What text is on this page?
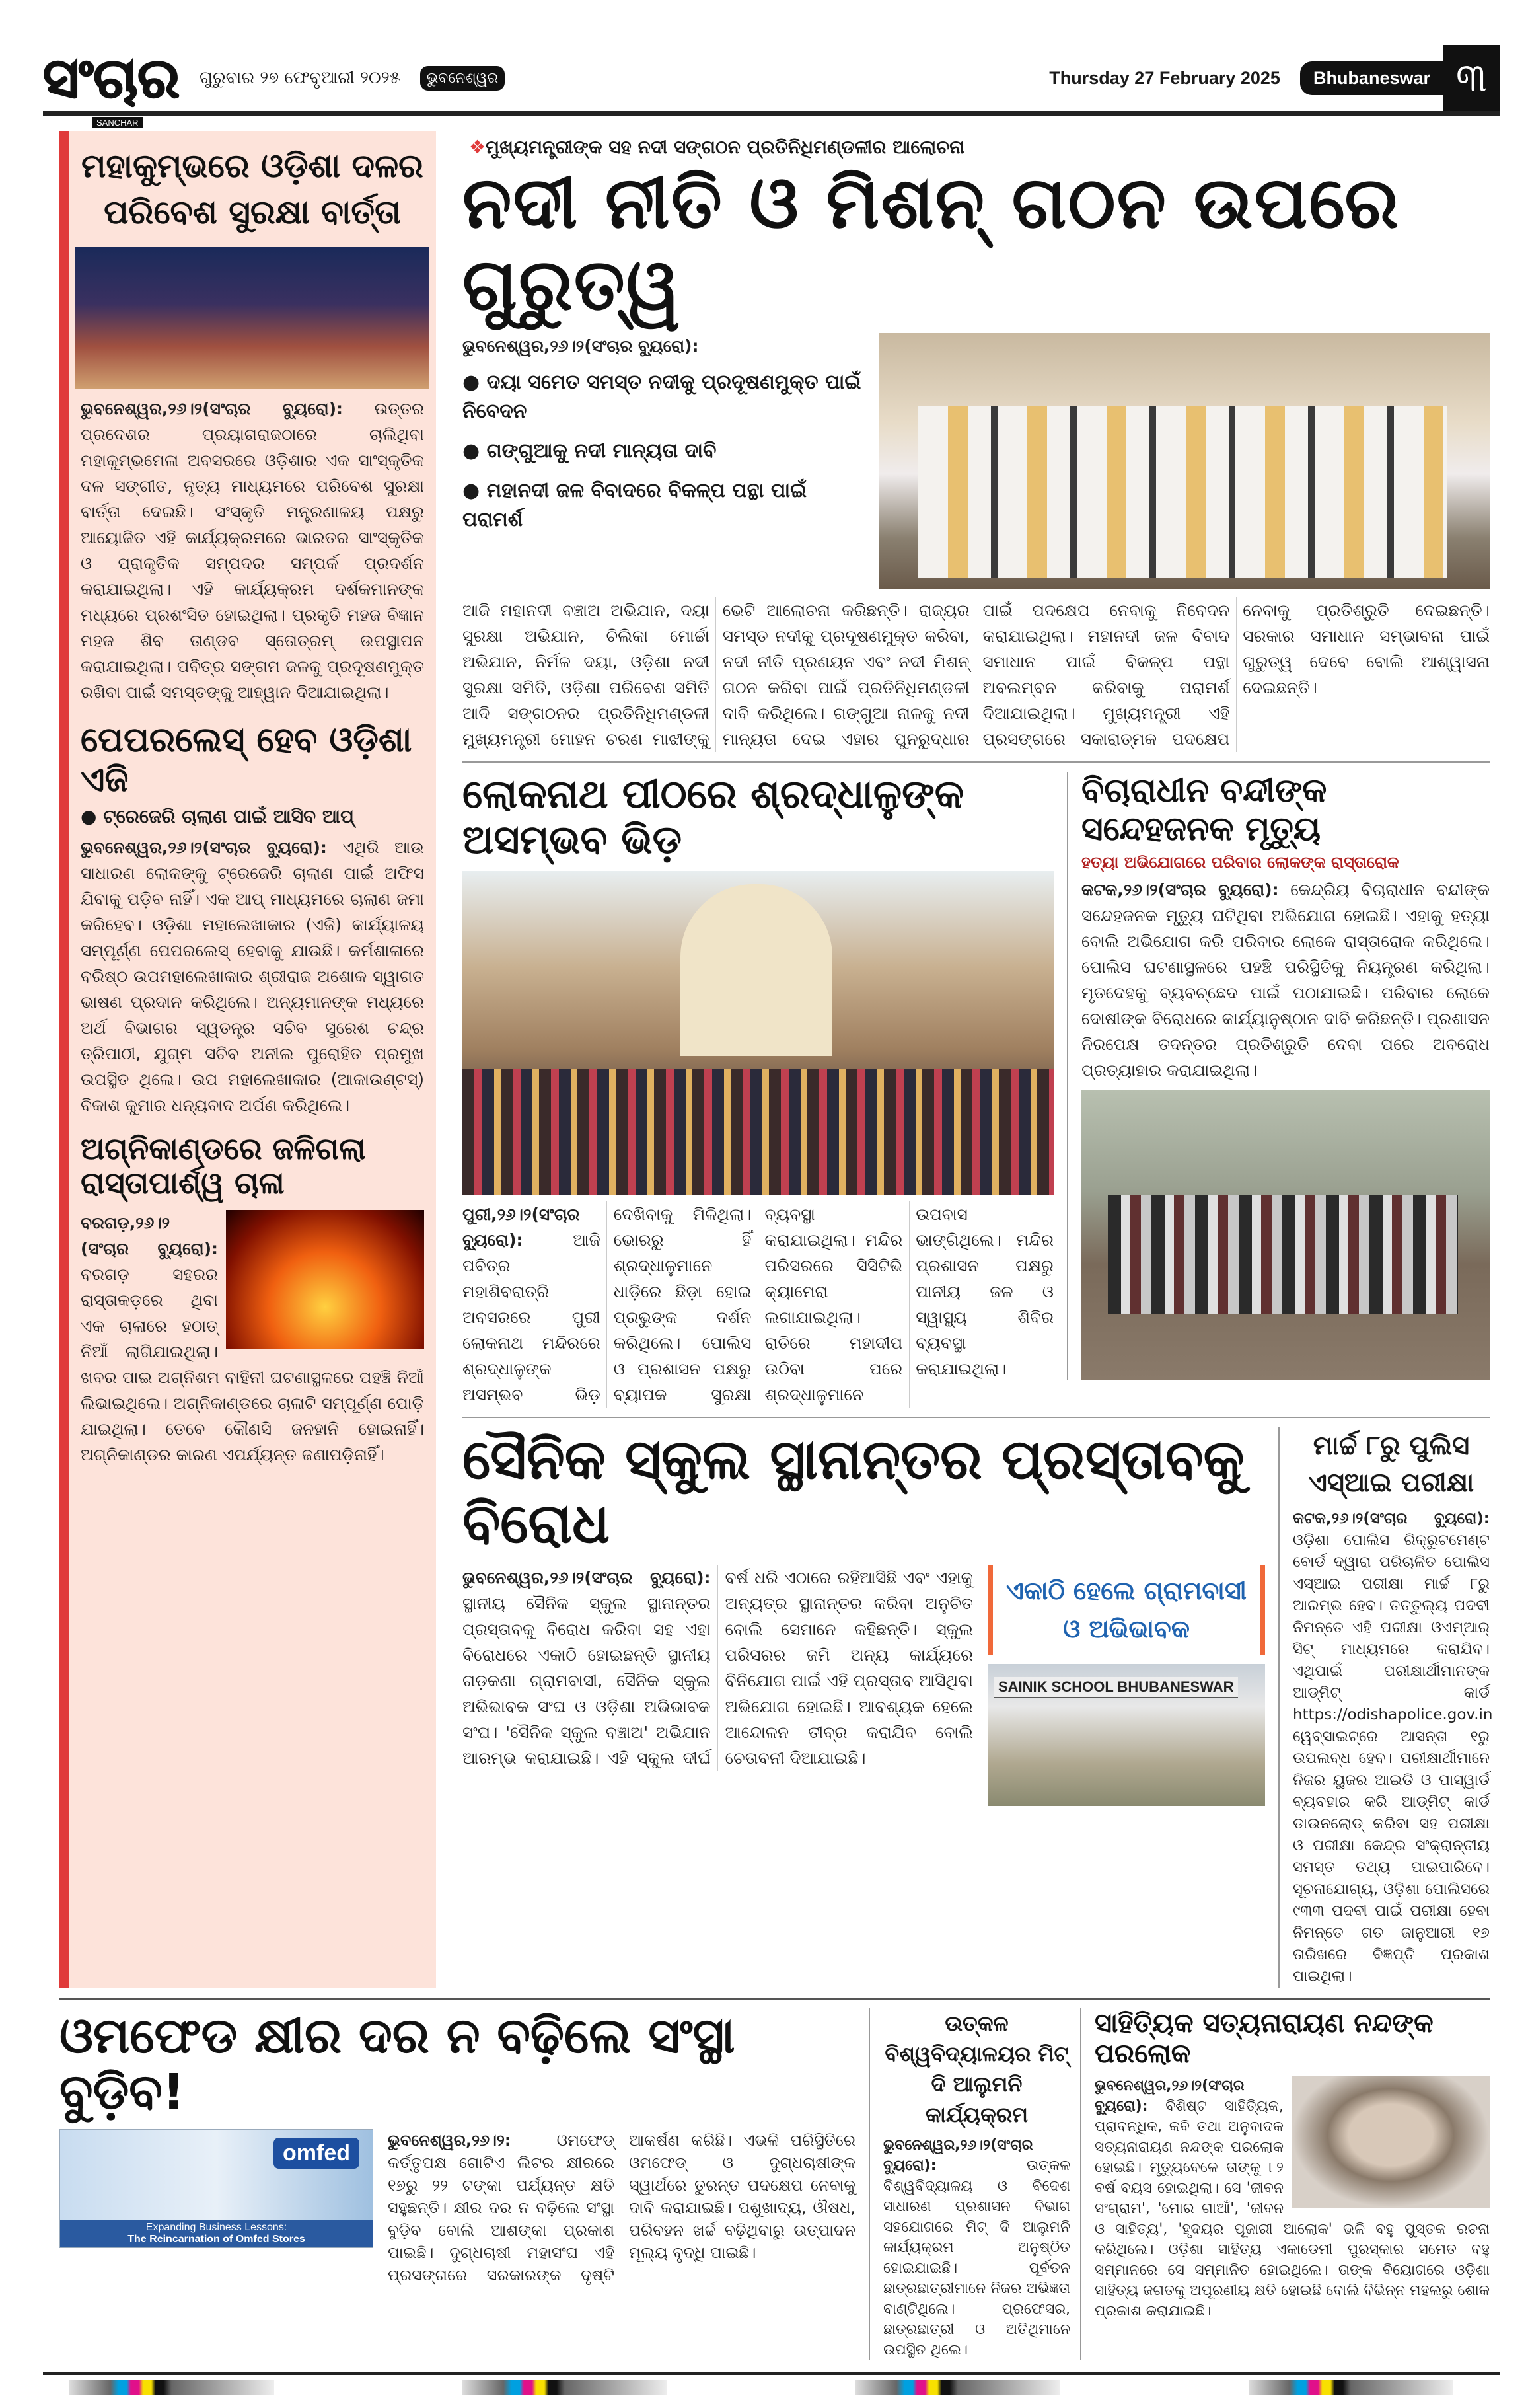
ସଂଚାର ଗୁରୁବାର ୨୭ ଫେବୃଆରୀ ୨୦୨୫	ଭୁବନେଶ୍ୱର	Thursday 27 February 2025	Bhubaneswar ୩
SANCHAR
ମହାକୁମ୍ଭରେ ଓଡ଼ିଶା ଦଳର ପରିବେଶ ସୁରକ୍ଷା ବାର୍ତ୍ତା
ଭୁବନେଶ୍ୱର,୨୬।୨(ସଂଚାର ବ୍ୟୁରୋ): ଉତ୍ତର ପ୍ରଦେଶର ପ୍ରୟାଗରାଜଠାରେ ଚାଲିଥିବା ମହାକୁମ୍ଭମେଳା ଅବସରରେ ଓଡ଼ିଶାର ଏକ ସାଂସ୍କୃତିକ ଦଳ ସଙ୍ଗୀତ, ନୃତ୍ୟ ମାଧ୍ୟମରେ ପରିବେଶ ସୁରକ୍ଷା ବାର୍ତ୍ତା ଦେଇଛି। ସଂସ୍କୃତି ମନ୍ତ୍ରଣାଳୟ ପକ୍ଷରୁ ଆୟୋଜିତ ଏହି କାର୍ଯ୍ୟକ୍ରମରେ ଭାରତର ସାଂସ୍କୃତିକ ଓ ପ୍ରାକୃତିକ ସମ୍ପଦର ସମ୍ପର୍କ ପ୍ରଦର୍ଶନ କରାଯାଇଥିଲା। ଏହି କାର୍ଯ୍ୟକ୍ରମ ଦର୍ଶକମାନଙ୍କ ମଧ୍ୟରେ ପ୍ରଶଂସିତ ହୋଇଥିଲା। ପ୍ରକୃତି ମହଜ ବିଜ୍ଞାନ ମହଜ ଶିବ ତାଣ୍ଡବ ସ୍ତୋତ୍ରମ୍ ଉପସ୍ଥାପନ କରାଯାଇଥିଲା। ପବିତ୍ର ସଙ୍ଗମ ଜଳକୁ ପ୍ରଦୂଷଣମୁକ୍ତ ରଖିବା ପାଇଁ ସମସ୍ତଙ୍କୁ ଆହ୍ୱାନ ଦିଆଯାଇଥିଲା।
ପେପରଲେସ୍ ହେବ ଓଡ଼ିଶା ଏଜି
● ଟ୍ରେଜେରି ଚାଲାଣ ପାଇଁ ଆସିବ ଆପ୍
ଭୁବନେଶ୍ୱର,୨୬।୨(ସଂଚାର ବ୍ୟୁରୋ): ଏଥିରି ଆଉ ସାଧାରଣ ଲୋକଙ୍କୁ ଟ୍ରେଜେରି ଚାଲାଣ ପାଇଁ ଅଫିସ ଯିବାକୁ ପଡ଼ିବ ନାହିଁ। ଏକ ଆପ୍ ମାଧ୍ୟମରେ ଚାଲାଣ ଜମା କରିହେବ। ଓଡ଼ିଶା ମହାଲେଖାକାର (ଏଜି) କାର୍ଯ୍ୟାଳୟ ସମ୍ପୂର୍ଣ୍ଣ ପେପରଲେସ୍ ହେବାକୁ ଯାଉଛି। କର୍ମଶାଳାରେ ବରିଷ୍ଠ ଉପମହାଲେଖାକାର ଶ୍ରୀରାଜ ଅଶୋକ ସ୍ୱାଗତ ଭାଷଣ ପ୍ରଦାନ କରିଥିଲେ। ଅନ୍ୟମାନଙ୍କ ମଧ୍ୟରେ ଅର୍ଥ ବିଭାଗର ସ୍ୱତନ୍ତ୍ର ସଚିବ ସୁରେଶ ଚନ୍ଦ୍ର ତ୍ରିପାଠୀ, ଯୁଗ୍ମ ସଚିବ ଅନୀଲ ପୁରୋହିତ ପ୍ରମୁଖ ଉପସ୍ଥିତ ଥିଲେ। ଉପ ମହାଲେଖାକାର (ଆକାଉଣ୍ଟସ୍) ବିକାଶ କୁମାର ଧନ୍ୟବାଦ ଅର୍ପଣ କରିଥିଲେ।
ଅଗ୍ନିକାଣ୍ଡରେ ଜଳିଗଲା ରାସ୍ତାପାର୍ଶ୍ୱ ଚାଳା
ବରଗଡ଼,୨୬।୨ (ସଂଚାର ବ୍ୟୁରୋ): ବରଗଡ଼ ସହରର ରାସ୍ତାକଡ଼ରେ ଥିବା ଏକ ଚାଳାରେ ହଠାତ୍ ନିଆଁ ଲାଗିଯାଇଥିଲା। ଖବର ପାଇ ଅଗ୍ନିଶମ ବାହିନୀ ଘଟଣାସ୍ଥଳରେ ପହଞ୍ଚି ନିଆଁ ଲିଭାଇଥିଲେ। ଅଗ୍ନିକାଣ୍ଡରେ ଚାଳାଟି ସମ୍ପୂର୍ଣ୍ଣ ପୋଡ଼ି ଯାଇଥିଲା। ତେବେ କୌଣସି ଜନହାନି ହୋଇନାହିଁ। ଅଗ୍ନିକାଣ୍ଡର କାରଣ ଏପର୍ଯ୍ୟନ୍ତ ଜଣାପଡ଼ିନାହିଁ।
❖ମୁଖ୍ୟମନ୍ତ୍ରୀଙ୍କ ସହ ନଦୀ ସଙ୍ଗଠନ ପ୍ରତିନିଧିମଣ୍ଡଳୀର ଆଲୋଚନା
ନଦୀ ନୀତି ଓ ମିଶନ୍ ଗଠନ ଉପରେ ଗୁରୁତ୍ୱ
ଭୁବନେଶ୍ୱର,୨୬।୨(ସଂଚାର ବ୍ୟୁରୋ):
● ଦୟା ସମେତ ସମସ୍ତ ନଦୀକୁ ପ୍ରଦୂଷଣମୁକ୍ତ ପାଇଁ ନିବେଦନ
● ଗଙ୍ଗୁଆକୁ ନଦୀ ମାନ୍ୟତା ଦାବି
● ମହାନଦୀ ଜଳ ବିବାଦରେ ବିକଳ୍ପ ପନ୍ଥା ପାଇଁ ପରାମର୍ଶ
ଆଜି ମହାନଦୀ ବଞ୍ଚାଅ ଅଭିଯାନ, ଦୟା ସୁରକ୍ଷା ଅଭିଯାନ, ଚିଲିକା ମୋର୍ଚ୍ଚା ଅଭିଯାନ, ନିର୍ମଳ ଦୟା, ଓଡ଼ିଶା ନଦୀ ସୁରକ୍ଷା ସମିତି, ଓଡ଼ିଶା ପରିବେଶ ସମିତି ଆଦି ସଙ୍ଗଠନର ପ୍ରତିନିଧିମଣ୍ଡଳୀ ମୁଖ୍ୟମନ୍ତ୍ରୀ ମୋହନ ଚରଣ ମାଝୀଙ୍କୁ ଭେଟି ଆଲୋଚନା କରିଛନ୍ତି। ରାଜ୍ୟର ସମସ୍ତ ନଦୀକୁ ପ୍ରଦୂଷଣମୁକ୍ତ କରିବା, ନଦୀ ନୀତି ପ୍ରଣୟନ ଏବଂ ନଦୀ ମିଶନ୍ ଗଠନ କରିବା ପାଇଁ ପ୍ରତିନିଧିମଣ୍ଡଳୀ ଦାବି କରିଥିଲେ। ଗଙ୍ଗୁଆ ନାଳକୁ ନଦୀ ମାନ୍ୟତା ଦେଇ ଏହାର ପୁନରୁଦ୍ଧାର ପାଇଁ ପଦକ୍ଷେପ ନେବାକୁ ନିବେଦନ କରାଯାଇଥିଲା। ମହାନଦୀ ଜଳ ବିବାଦ ସମାଧାନ ପାଇଁ ବିକଳ୍ପ ପନ୍ଥା ଅବଲମ୍ବନ କରିବାକୁ ପରାମର୍ଶ ଦିଆଯାଇଥିଲା। ମୁଖ୍ୟମନ୍ତ୍ରୀ ଏହି ପ୍ରସଙ୍ଗରେ ସକାରାତ୍ମକ ପଦକ୍ଷେପ ନେବାକୁ ପ୍ରତିଶ୍ରୁତି ଦେଇଛନ୍ତି। ସରକାର ସମାଧାନ ସମ୍ଭାବନା ପାଇଁ ଗୁରୁତ୍ୱ ଦେବେ ବୋଲି ଆଶ୍ୱାସନା ଦେଇଛନ୍ତି।
ଲୋକନାଥ ପୀଠରେ ଶ୍ରଦ୍ଧାଳୁଙ୍କ ଅସମ୍ଭବ ଭିଡ଼
ପୁରୀ,୨୬।୨(ସଂଚାର ବ୍ୟୁରୋ):	ଆଜି ପବିତ୍ର ମହାଶିବରାତ୍ରି ଅବସରରେ ପୁରୀ ଲୋକନାଥ ମନ୍ଦିରରେ ଶ୍ରଦ୍ଧାଳୁଙ୍କ ଅସମ୍ଭବ ଭିଡ଼ ଦେଖିବାକୁ ମିଳିଥିଲା। ଭୋରରୁ ହିଁ ଶ୍ରଦ୍ଧାଳୁମାନେ ଧାଡ଼ିରେ ଛିଡ଼ା ହୋଇ ପ୍ରଭୁଙ୍କ ଦର୍ଶନ କରିଥିଲେ। ପୋଲିସ ଓ ପ୍ରଶାସନ ପକ୍ଷରୁ ବ୍ୟାପକ ସୁରକ୍ଷା ବ୍ୟବସ୍ଥା କରାଯାଇଥିଲା। ମନ୍ଦିର ପରିସରରେ ସିସିଟିଭି କ୍ୟାମେରା ଲଗାଯାଇଥିଲା। ରାତିରେ ମହାଦୀପ ଉଠିବା ପରେ ଶ୍ରଦ୍ଧାଳୁମାନେ ଉପବାସ ଭାଙ୍ଗିଥିଲେ। ମନ୍ଦିର ପ୍ରଶାସନ ପକ୍ଷରୁ ପାନୀୟ ଜଳ ଓ ସ୍ୱାସ୍ଥ୍ୟ ଶିବିର ବ୍ୟବସ୍ଥା କରାଯାଇଥିଲା।
ବିଚାରାଧୀନ ବନ୍ଦୀଙ୍କ ସନ୍ଦେହଜନକ ମୃତ୍ୟୁ
ହତ୍ୟା ଅଭିଯୋଗରେ ପରିବାର ଲୋକଙ୍କ ରାସ୍ତାରୋକ
କଟକ,୨୬।୨(ସଂଚାର ବ୍ୟୁରୋ): କେନ୍ଦ୍ରିୟ ବିଚାରାଧୀନ ବନ୍ଦୀଙ୍କ ସନ୍ଦେହଜନକ ମୃତ୍ୟୁ ଘଟିଥିବା ଅଭିଯୋଗ ହୋଇଛି। ଏହାକୁ ହତ୍ୟା ବୋଲି ଅଭିଯୋଗ କରି ପରିବାର ଲୋକେ ରାସ୍ତାରୋକ କରିଥିଲେ। ପୋଲିସ ଘଟଣାସ୍ଥଳରେ ପହଞ୍ଚି ପରିସ୍ଥିତିକୁ ନିୟନ୍ତ୍ରଣ କରିଥିଲା। ମୃତଦେହକୁ ବ୍ୟବଚ୍ଛେଦ ପାଇଁ ପଠାଯାଇଛି। ପରିବାର ଲୋକେ ଦୋଷୀଙ୍କ ବିରୋଧରେ କାର୍ଯ୍ୟାନୁଷ୍ଠାନ ଦାବି କରିଛନ୍ତି। ପ୍ରଶାସନ ନିରପେକ୍ଷ ତଦନ୍ତର ପ୍ରତିଶ୍ରୁତି ଦେବା ପରେ ଅବରୋଧ ପ୍ରତ୍ୟାହାର କରାଯାଇଥିଲା।
ସୈନିକ ସ୍କୁଲ ସ୍ଥାନାନ୍ତର ପ୍ରସ୍ତାବକୁ ବିରୋଧ
ଭୁବନେଶ୍ୱର,୨୬।୨(ସଂଚାର ବ୍ୟୁରୋ): ସ୍ଥାନୀୟ ସୈନିକ ସ୍କୁଲ ସ୍ଥାନାନ୍ତର ପ୍ରସ୍ତାବକୁ ବିରୋଧ କରିବା ସହ ଏହା ବିରୋଧରେ ଏକାଠି ହୋଇଛନ୍ତି ସ୍ଥାନୀୟ ଗଡ଼କଣା ଗ୍ରାମବାସୀ, ସୈନିକ ସ୍କୁଲ ଅଭିଭାବକ ସଂଘ ଓ ଓଡ଼ିଶା ଅଭିଭାବକ ସଂଘ। 'ସୈନିକ ସ୍କୁଲ ବଞ୍ଚାଅ' ଅଭିଯାନ ଆରମ୍ଭ କରାଯାଇଛି। ଏହି ସ୍କୁଲ ଦୀର୍ଘ ବର୍ଷ ଧରି ଏଠାରେ ରହିଆସିଛି ଏବଂ ଏହାକୁ ଅନ୍ୟତ୍ର ସ୍ଥାନାନ୍ତର କରିବା ଅନୁଚିତ ବୋଲି ସେମାନେ କହିଛନ୍ତି। ସ୍କୁଲ ପରିସରର ଜମି ଅନ୍ୟ କାର୍ଯ୍ୟରେ ବିନିଯୋଗ ପାଇଁ ଏହି ପ୍ରସ୍ତାବ ଆସିଥିବା ଅଭିଯୋଗ ହୋଇଛି। ଆବଶ୍ୟକ ହେଲେ ଆନ୍ଦୋଳନ ତୀବ୍ର କରାଯିବ ବୋଲି ଚେତାବନୀ ଦିଆଯାଇଛି।
ଏକାଠି ହେଲେ ଗ୍ରାମବାସୀ ଓ ଅଭିଭାବକ
SAINIK SCHOOL BHUBANESWAR
ମାର୍ଚ୍ଚ ୮ରୁ ପୁଲିସ ଏସ୍‌ଆଇ ପରୀକ୍ଷା
କଟକ,୨୬।୨(ସଂଚାର ବ୍ୟୁରୋ): ଓଡ଼ିଶା ପୋଲିସ ରିକ୍ରୁଟମେଣ୍ଟ ବୋର୍ଡ ଦ୍ୱାରା ପରିଚାଳିତ ପୋଲିସ ଏସ୍‌ଆଇ ପରୀକ୍ଷା ମାର୍ଚ୍ଚ ୮ରୁ ଆରମ୍ଭ ହେବ। ତତ୍ତୁଲ୍ୟ ପଦବୀ ନିମନ୍ତେ ଏହି ପରୀକ୍ଷା ଓଏମ୍ଆର୍ ସିଟ୍ ମାଧ୍ୟମରେ କରାଯିବ। ଏଥିପାଇଁ ପରୀକ୍ଷାର୍ଥୀମାନଙ୍କ ଆଡ୍‌ମିଟ୍ କାର୍ଡ https://odishapolice.gov.in ୱେବ୍‌ସାଇଟ୍‌ରେ ଆସନ୍ତା ୧ରୁ ଉପଲବ୍ଧ ହେବ। ପରୀକ୍ଷାର୍ଥୀମାନେ ନିଜର ୟୁଜର ଆଇଡି ଓ ପାସ୍‌ୱାର୍ଡ ବ୍ୟବହାର କରି ଆଡ୍‌ମିଟ୍ କାର୍ଡ ଡାଉନଲୋଡ୍ କରିବା ସହ ପରୀକ୍ଷା ଓ ପରୀକ୍ଷା କେନ୍ଦ୍ର ସଂକ୍ରାନ୍ତୀୟ ସମସ୍ତ ତଥ୍ୟ ପାଇପାରିବେ। ସୂଚନାଯୋଗ୍ୟ, ଓଡ଼ିଶା ପୋଲିସରେ ୯୩୩ ପଦବୀ ପାଇଁ ପରୀକ୍ଷା ହେବା ନିମନ୍ତେ ଗତ ଜାନୁଆରୀ ୧୭ ତାରିଖରେ ବିଜ୍ଞପ୍ତି ପ୍ରକାଶ ପାଇଥିଲା।
ଓମଫେଡ କ୍ଷୀର ଦର ନ ବଢ଼ିଲେ ସଂସ୍ଥା ବୁଡ଼ିବ!
omfed
Expanding Business Lessons:
The Reincarnation of Omfed Stores
ଭୁବନେଶ୍ୱର,୨୬।୨:	ଓମଫେଡ୍ କର୍ତ୍ତୃପକ୍ଷ ଗୋଟିଏ ଲିଟର କ୍ଷୀରରେ ୧୭ରୁ ୨୨ ଟଙ୍କା ପର୍ଯ୍ୟନ୍ତ କ୍ଷତି ସହୁଛନ୍ତି। କ୍ଷୀର ଦର ନ ବଢ଼ିଲେ ସଂସ୍ଥା ବୁଡ଼ିବ ବୋଲି ଆଶଙ୍କା ପ୍ରକାଶ ପାଇଛି। ଦୁଗ୍ଧଚାଷୀ ମହାସଂଘ ଏହି ପ୍ରସଙ୍ଗରେ ସରକାରଙ୍କ ଦୃଷ୍ଟି ଆକର୍ଷଣ କରିଛି। ଏଭଳି ପରିସ୍ଥିତିରେ ଓମଫେଡ୍ ଓ ଦୁଗ୍ଧଚାଷୀଙ୍କ ସ୍ୱାର୍ଥରେ ତୁରନ୍ତ ପଦକ୍ଷେପ ନେବାକୁ ଦାବି କରାଯାଇଛି। ପଶୁଖାଦ୍ୟ, ଔଷଧ, ପରିବହନ ଖର୍ଚ୍ଚ ବଢ଼ିଥିବାରୁ ଉତ୍ପାଦନ ମୂଲ୍ୟ ବୃଦ୍ଧି ପାଇଛି।
ଉତ୍କଳ ବିଶ୍ୱବିଦ୍ୟାଳୟର ମିଟ୍ ଦି ଆଲୁମନି କାର୍ଯ୍ୟକ୍ରମ
ଭୁବନେଶ୍ୱର,୨୬।୨(ସଂଚାର ବ୍ୟୁରୋ):	ଉତ୍କଳ ବିଶ୍ୱବିଦ୍ୟାଳୟ ଓ ବିଦେଶ ସାଧାରଣ ପ୍ରଶାସନ ବିଭାଗ ସହଯୋଗରେ ମିଟ୍ ଦି ଆଲୁମନି କାର୍ଯ୍ୟକ୍ରମ ଅନୁଷ୍ଠିତ ହୋଇଯାଇଛି। ପୂର୍ବତନ ଛାତ୍ରଛାତ୍ରୀମାନେ ନିଜର ଅଭିଜ୍ଞତା ବାଣ୍ଟିଥିଲେ। ପ୍ରଫେସର, ଛାତ୍ରଛାତ୍ରୀ ଓ ଅତିଥିମାନେ ଉପସ୍ଥିତ ଥିଲେ।
ସାହିତ୍ୟିକ ସତ୍ୟନାରାୟଣ ନନ୍ଦଙ୍କ ପରଲୋକ
ଭୁବନେଶ୍ୱର,୨୬।୨(ସଂଚାର ବ୍ୟୁରୋ): ବିଶିଷ୍ଟ ସାହିତ୍ୟିକ, ପ୍ରାବନ୍ଧିକ, କବି ତଥା ଅନୁବାଦକ ସତ୍ୟନାରାୟଣ ନନ୍ଦଙ୍କ ପରଲୋକ ହୋଇଛି। ମୃତ୍ୟୁବେଳେ ତାଙ୍କୁ ୮୨ ବର୍ଷ ବୟସ ହୋଇଥିଲା। ସେ 'ଜୀବନ ସଂଗ୍ରାମ', 'ମୋର ଗାଆଁ', 'ଜୀବନ ଓ ସାହିତ୍ୟ', 'ହୃଦୟର ପୂଜାରୀ ଆଲୋକ' ଭଳି ବହୁ ପୁସ୍ତକ ରଚନା କରିଥିଲେ। ଓଡ଼ିଶା ସାହିତ୍ୟ ଏକାଡେମୀ ପୁରସ୍କାର ସମେତ ବହୁ ସମ୍ମାନରେ ସେ ସମ୍ମାନିତ ହୋଇଥିଲେ। ତାଙ୍କ ବିୟୋଗରେ ଓଡ଼ିଶା ସାହିତ୍ୟ ଜଗତକୁ ଅପୂରଣୀୟ କ୍ଷତି ହୋଇଛି ବୋଲି ବିଭିନ୍ନ ମହଲରୁ ଶୋକ ପ୍ରକାଶ କରାଯାଇଛି।
